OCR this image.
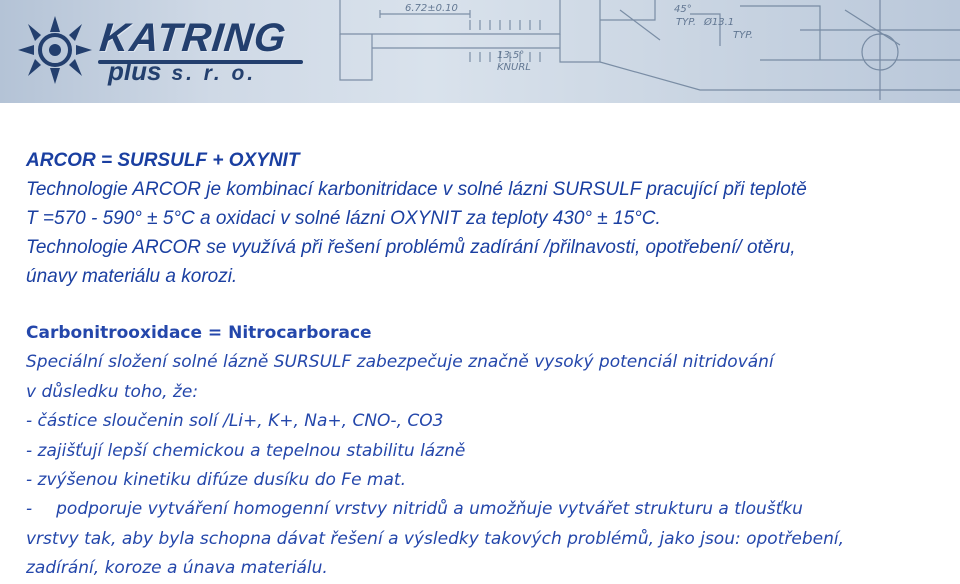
6.72±0.10	45°
TYP. Ø13.1
TYP.
13.5°
KNURL
KATRING
plus s. r. o.
ARCOR = SURSULF + OXYNIT
Technologie ARCOR je kombinací karbonitridace v solné lázni SURSULF pracující při teplotě
T =570 - 590° ± 5°C a oxidaci v solné lázni OXYNIT za teploty 430° ± 15°C.
Technologie ARCOR se využívá při řešení problémů zadírání /přilnavosti, opotřebení/ otěru,
únavy materiálu a korozi.
Carbonitrooxidace = Nitrocarborace
Speciální složení solné lázně SURSULF zabezpečuje značně vysoký potenciál nitridování
v důsledku toho, že:
- částice sloučenin solí /Li+, K+, Na+, CNO-, CO3
- zajišťují lepší chemickou a tepelnou stabilitu lázně
- zvýšenou kinetiku difúze dusíku do Fe mat.
- podporuje vytváření homogenní vrstvy nitridů a umožňuje vytvářet strukturu a tloušťku
vrstvy tak, aby byla schopna dávat řešení a výsledky takových problémů, jako jsou: opotřebení,
zadírání, koroze a únava materiálu.
